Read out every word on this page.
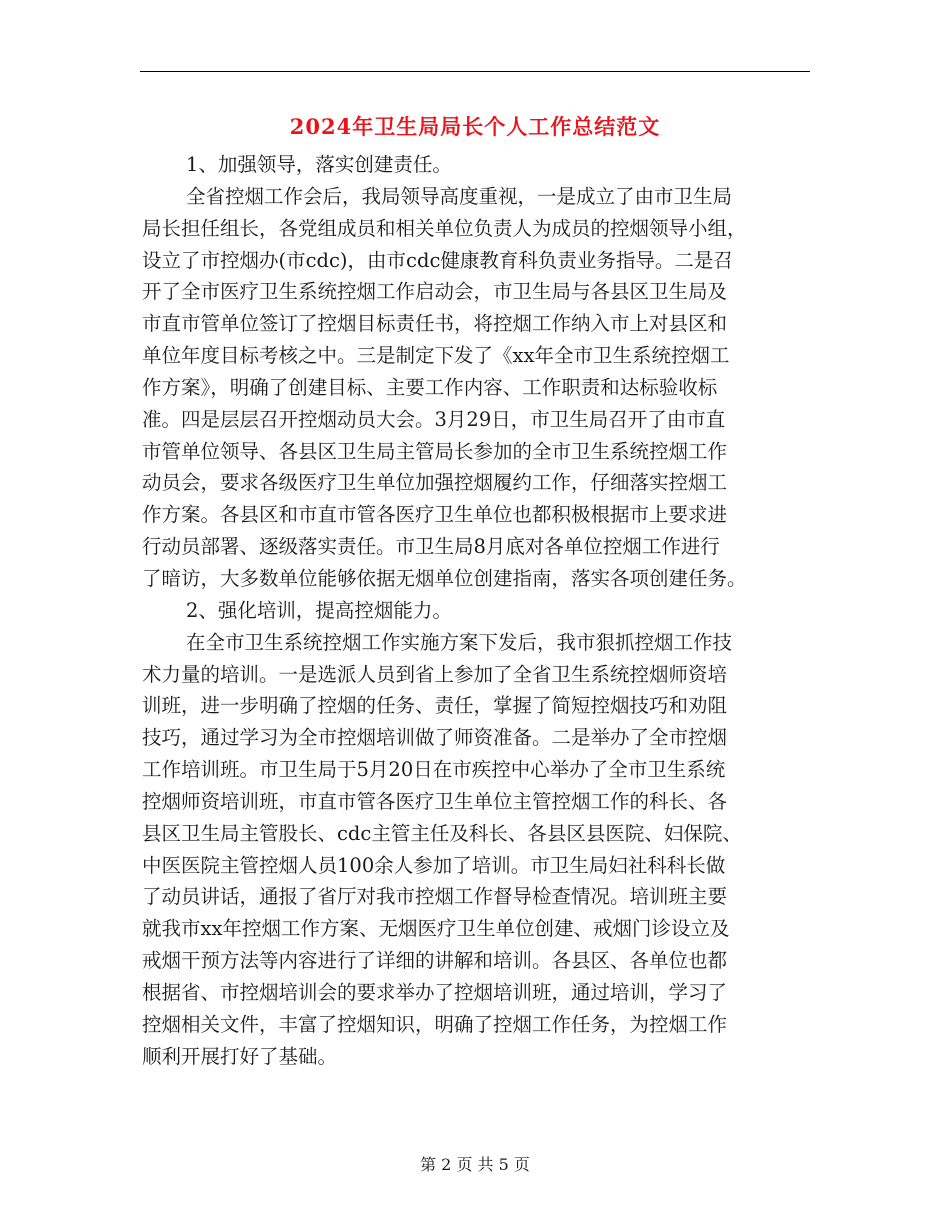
2024年卫生局局长个人工作总结范文
1、加强领导，落实创建责任。
全省控烟工作会后，我局领导高度重视，一是成立了由市卫生局
局长担任组长，各党组成员和相关单位负责人为成员的控烟领导小组，
设立了市控烟办(市cdc)，由市cdc健康教育科负责业务指导。二是召
开了全市医疗卫生系统控烟工作启动会，市卫生局与各县区卫生局及
市直市管单位签订了控烟目标责任书，将控烟工作纳入市上对县区和
单位年度目标考核之中。三是制定下发了《xx年全市卫生系统控烟工
作方案》，明确了创建目标、主要工作内容、工作职责和达标验收标
准。四是层层召开控烟动员大会。3月29日，市卫生局召开了由市直
市管单位领导、各县区卫生局主管局长参加的全市卫生系统控烟工作
动员会，要求各级医疗卫生单位加强控烟履约工作，仔细落实控烟工
作方案。各县区和市直市管各医疗卫生单位也都积极根据市上要求进
行动员部署、逐级落实责任。市卫生局8月底对各单位控烟工作进行
了暗访，大多数单位能够依据无烟单位创建指南，落实各项创建任务。
2、强化培训，提高控烟能力。
在全市卫生系统控烟工作实施方案下发后，我市狠抓控烟工作技
术力量的培训。一是选派人员到省上参加了全省卫生系统控烟师资培
训班，进一步明确了控烟的任务、责任，掌握了简短控烟技巧和劝阻
技巧，通过学习为全市控烟培训做了师资准备。二是举办了全市控烟
工作培训班。市卫生局于5月20日在市疾控中心举办了全市卫生系统
控烟师资培训班，市直市管各医疗卫生单位主管控烟工作的科长、各
县区卫生局主管股长、cdc主管主任及科长、各县区县医院、妇保院、
中医医院主管控烟人员100余人参加了培训。市卫生局妇社科科长做
了动员讲话，通报了省厅对我市控烟工作督导检查情况。培训班主要
就我市xx年控烟工作方案、无烟医疗卫生单位创建、戒烟门诊设立及
戒烟干预方法等内容进行了详细的讲解和培训。各县区、各单位也都
根据省、市控烟培训会的要求举办了控烟培训班，通过培训，学习了
控烟相关文件，丰富了控烟知识，明确了控烟工作任务，为控烟工作
顺利开展打好了基础。
第 2 页 共 5 页
